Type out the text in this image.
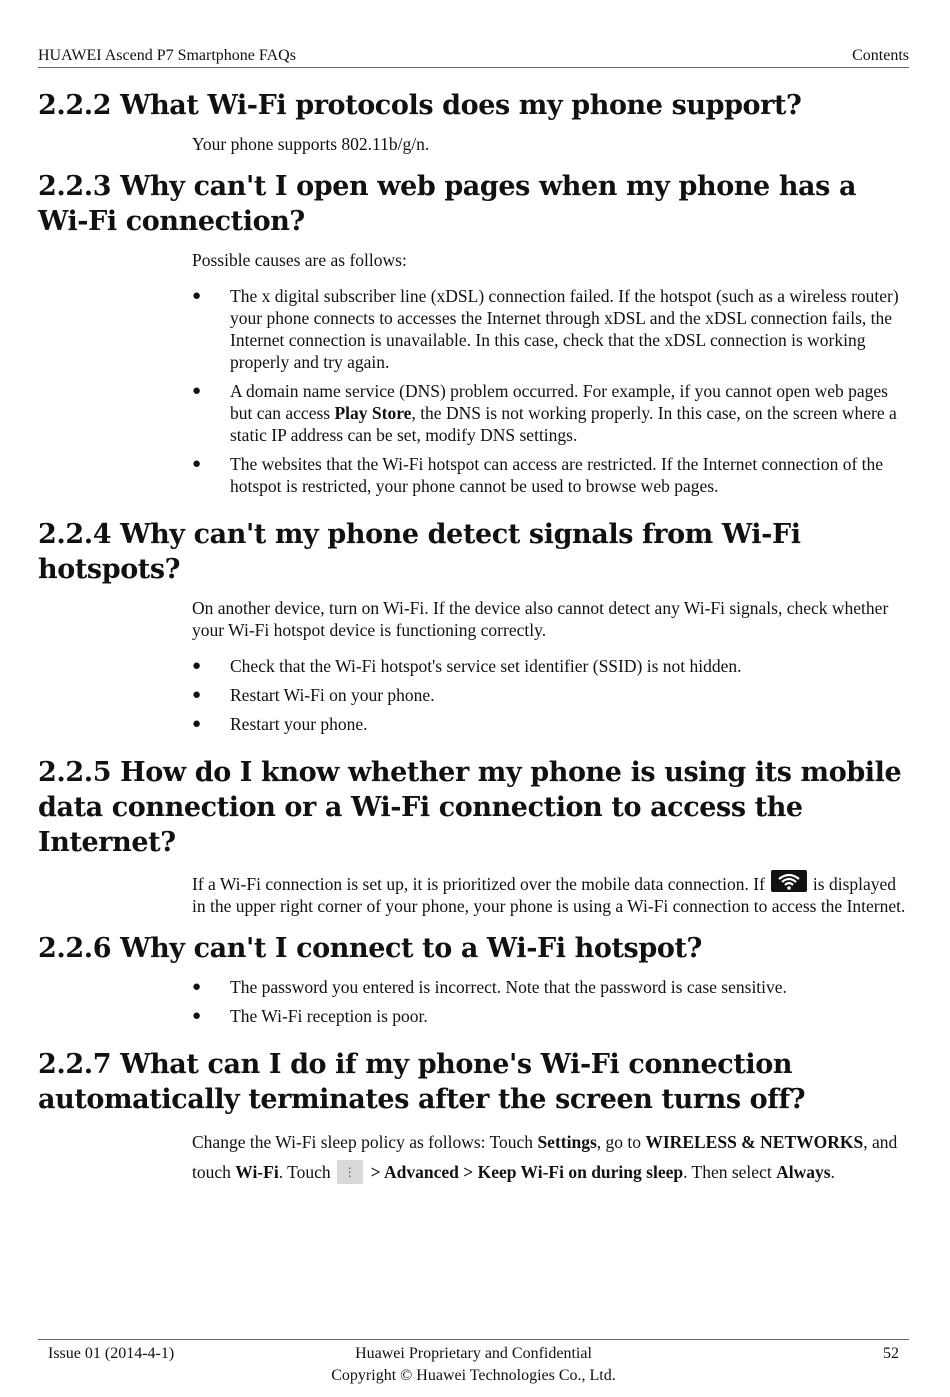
HUAWEI Ascend P7 Smartphone FAQs	Contents
2.2.2 What Wi-Fi protocols does my phone support?

Your phone supports 802.11b/g/n.

2.2.3 Why can't I open web pages when my phone has a Wi-Fi connection?

Possible causes are as follows:

● The x digital subscriber line (xDSL) connection failed. If the hotspot (such as a wireless router) your phone connects to accesses the Internet through xDSL and the xDSL connection fails, the Internet connection is unavailable. In this case, check that the xDSL connection is working properly and try again.
● A domain name service (DNS) problem occurred. For example, if you cannot open web pages but can access Play Store, the DNS is not working properly. In this case, on the screen where a static IP address can be set, modify DNS settings.
● The websites that the Wi-Fi hotspot can access are restricted. If the Internet connection of the hotspot is restricted, your phone cannot be used to browse web pages.
2.2.4 Why can't my phone detect signals from Wi-Fi hotspots?

On another device, turn on Wi-Fi. If the device also cannot detect any Wi-Fi signals, check whether your Wi-Fi hotspot device is functioning correctly.

● Check that the Wi-Fi hotspot's service set identifier (SSID) is not hidden.
● Restart Wi-Fi on your phone.
● Restart your phone.
2.2.5 How do I know whether my phone is using its mobile data connection or a Wi-Fi connection to access the Internet?

If a Wi-Fi connection is set up, it is prioritized over the mobile data connection. If	is displayed in the upper right corner of your phone, your phone is using a Wi-Fi connection to access the Internet.

2.2.6 Why can't I connect to a Wi-Fi hotspot?
● The password you entered is incorrect. Note that the password is case sensitive.
● The Wi-Fi reception is poor.
2.2.7 What can I do if my phone's Wi-Fi connection automatically terminates after the screen turns off?

Change the Wi-Fi sleep policy as follows: Touch Settings, go to WIRELESS & NETWORKS, and touch Wi-Fi. Touch ⋮ > Advanced > Keep Wi-Fi on during sleep. Then select Always.

Issue 01 (2014-4-1)	Huawei Proprietary and Confidential
Copyright © Huawei Technologies Co., Ltd.
52
